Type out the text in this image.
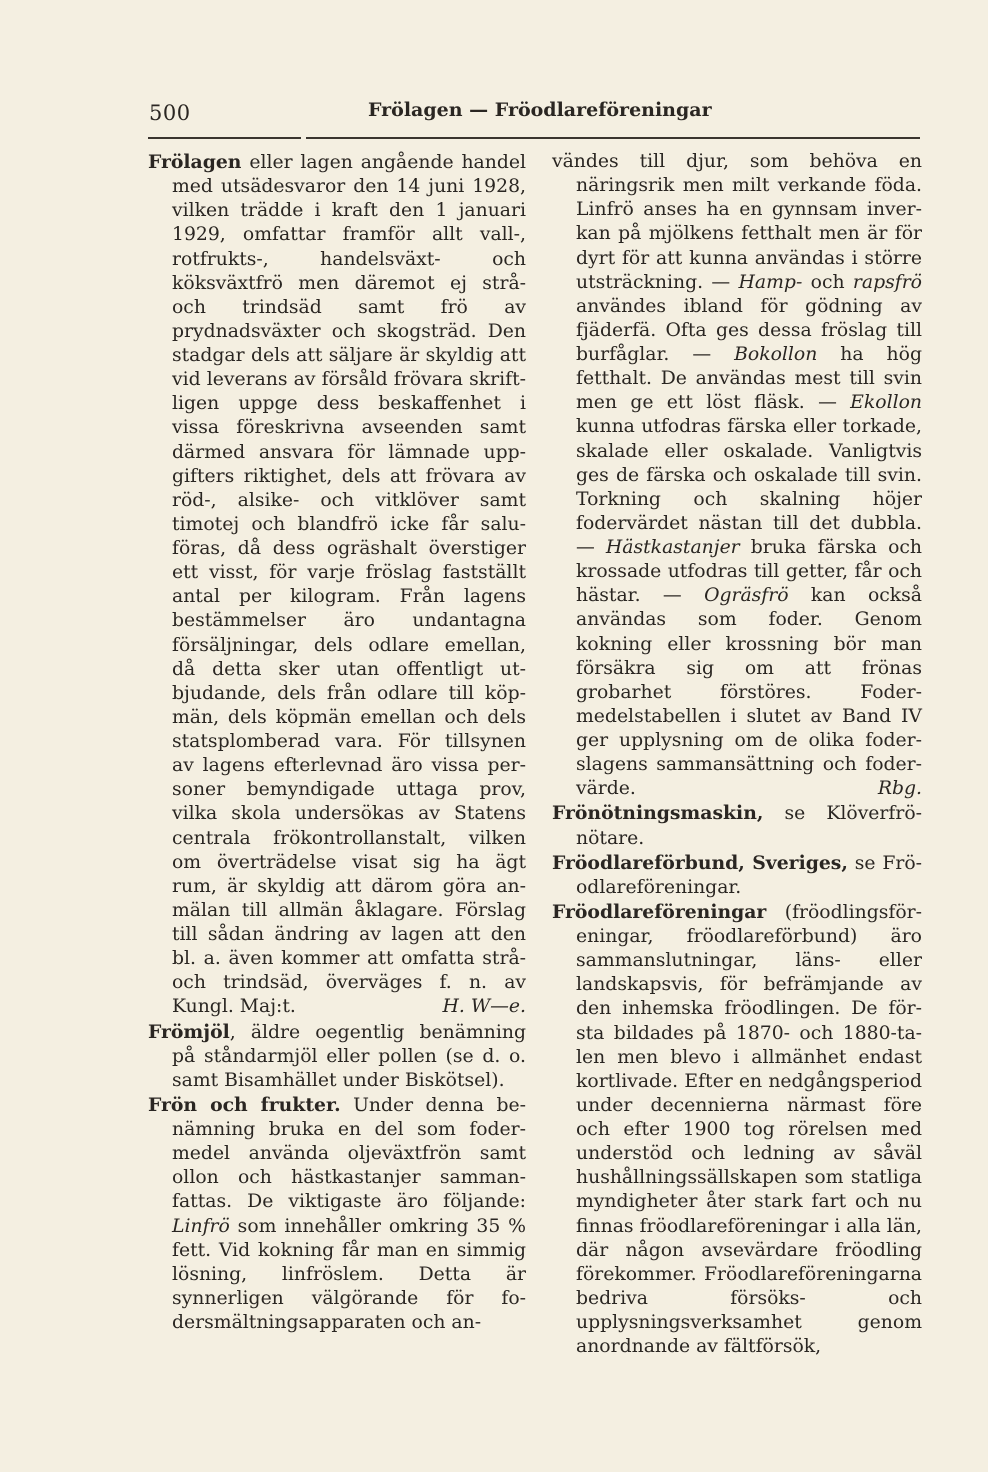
500	Frölagen — Fröodlareföreningar

Frölagen eller lagen angående handel med utsädesvaror den 14 juni 1928, vilken trädde i kraft den 1 januari 1929, omfattar framför allt vall-, rotfrukts-, handelsväxt- och köksväxtfrö men däremot ej strå- och trindsäd samt frö av prydnadsväxter och skogsträd. Den stadgar dels att säljare är skyldig att vid leverans av försåld frövara skriftligen uppge dess beskaffenhet i vissa föreskrivna avseenden samt därmed ansvara för lämnade uppgifters riktighet, dels att frövara av röd-, alsike- och vitklöver samt timotej och blandfrö icke får saluföras, då dess ogräshalt överstiger ett visst, för varje fröslag fastställt antal per kilogram. Från lagens bestämmelser äro undantagna försäljningar, dels odlare emellan, då detta sker utan offentligt utbjudande, dels från odlare till köpmän, dels köpmän emellan och dels statsplomberad vara. För tillsynen av lagens efterlevnad äro vissa personer bemyndigade uttaga prov, vilka skola undersökas av Statens centrala frökontrollanstalt, vilken om överträdelse visat sig ha ägt rum, är skyldig att därom göra anmälan till allmän åklagare. Förslag till sådan ändring av lagen att den bl. a. även kommer att omfatta strå- och trindsäd, överväges f. n. av Kungl. Maj:t.	H. W—e.

Frömjöl, äldre oegentlig benämning på ståndarmjöl eller pollen (se d. o. samt Bisamhället under Biskötsel).

Frön och frukter. Under denna benämning bruka en del som fodermedel använda oljeväxtfrön samt ollon och hästkastanjer sammanfattas. De viktigaste äro följande: Linfrö som innehåller omkring 35 % fett. Vid kokning får man en simmig lösning, linfröslem. Detta är synnerligen välgörande för fodersmältningsapparaten och an-

vändes till djur, som behöva en näringsrik men milt verkande föda. Linfrö anses ha en gynnsam inverkan på mjölkens fetthalt men är för dyrt för att kunna användas i större utsträckning. — Hamp- och rapsfrö användes ibland för gödning av fjäderfä. Ofta ges dessa fröslag till burfåglar. — Bokollon ha hög fetthalt. De användas mest till svin men ge ett löst fläsk. — Ekollon kunna utfodras färska eller torkade, skalade eller oskalade. Vanligtvis ges de färska och oskalade till svin. Torkning och skalning höjer fodervärdet nästan till det dubbla. — Hästkastanjer bruka färska och krossade utfodras till getter, får och hästar. — Ogräsfrö kan också användas som foder. Genom kokning eller krossning bör man försäkra sig om att frönas grobarhet förstöres. Fodermedelstabellen i slutet av Band IV ger upplysning om de olika foderslagens sammansättning och fodervärde.	Rbg.

Frönötningsmaskin, se Klöverfrönötare.

Fröodlareförbund, Sveriges, se Fröodlareföreningar.

Fröodlareföreningar (fröodlingsföreningar, fröodlareförbund) äro sammanslutningar, läns- eller landskapsvis, för befrämjande av den inhemska fröodlingen. De första bildades på 1870- och 1880-talen men blevo i allmänhet endast kortlivade. Efter en nedgångsperiod under decennierna närmast före och efter 1900 tog rörelsen med understöd och ledning av såväl hushållningssällskapen som statliga myndigheter åter stark fart och nu finnas fröodlareföreningar i alla län, där någon avsevärdare fröodling förekommer. Fröodlareföreningarna bedriva försöks- och upplysningsverksamhet genom anordnande av fältförsök,
